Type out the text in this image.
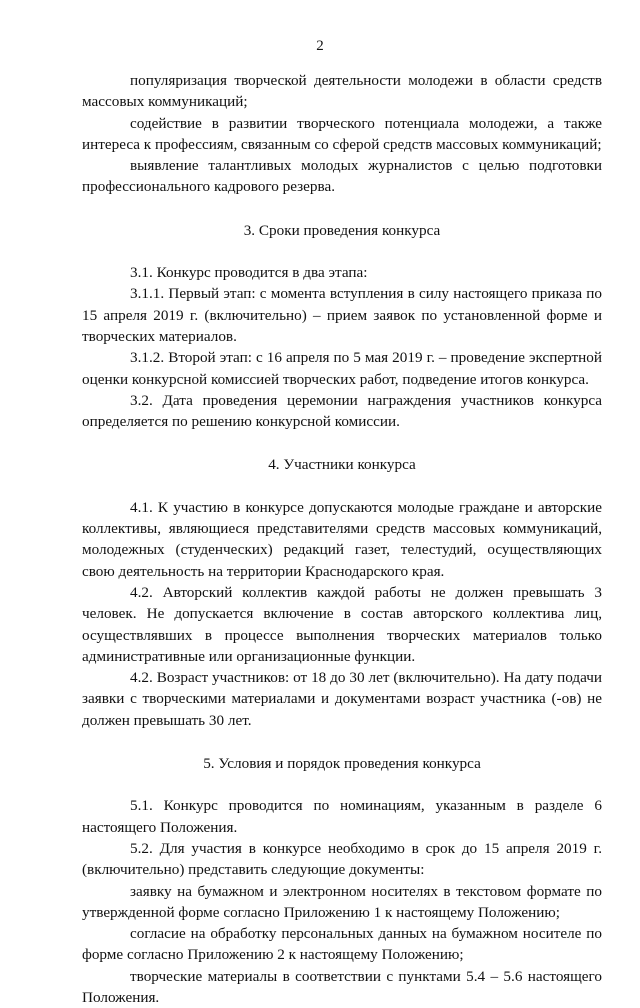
2

популяризация творческой деятельности молодежи в области средств массовых коммуникаций;

содействие в развитии творческого потенциала молодежи, а также интереса к профессиям, связанным со сферой средств массовых коммуникаций;

выявление талантливых молодых журналистов с целью подготовки профессионального кадрового резерва.

3. Сроки проведения конкурса

3.1. Конкурс проводится в два этапа:

3.1.1. Первый этап: с момента вступления в силу настоящего приказа по 15 апреля 2019 г. (включительно) – прием заявок по установленной форме и творческих материалов.

3.1.2. Второй этап: с 16 апреля по 5 мая 2019 г. – проведение экспертной оценки конкурсной комиссией творческих работ, подведение итогов конкурса.

3.2. Дата проведения церемонии награждения участников конкурса определяется по решению конкурсной комиссии.

4. Участники конкурса

4.1. К участию в конкурсе допускаются молодые граждане и авторские коллективы, являющиеся представителями средств массовых коммуникаций, молодежных (студенческих) редакций газет, телестудий, осуществляющих свою деятельность на территории Краснодарского края.

4.2. Авторский коллектив каждой работы не должен превышать 3 человек. Не допускается включение в состав авторского коллектива лиц, осуществлявших в процессе выполнения творческих материалов только административные или организационные функции.

4.2. Возраст участников: от 18 до 30 лет (включительно). На дату подачи заявки с творческими материалами и документами возраст участника (-ов) не должен превышать 30 лет.

5. Условия и порядок проведения конкурса

5.1. Конкурс проводится по номинациям, указанным в разделе 6 настоящего Положения.

5.2. Для участия в конкурсе необходимо в срок до 15 апреля 2019 г. (включительно) представить следующие документы:

заявку на бумажном и электронном носителях в текстовом формате по утвержденной форме согласно Приложению 1 к настоящему Положению;

согласие на обработку персональных данных на бумажном носителе по форме согласно Приложению 2 к настоящему Положению;

творческие материалы в соответствии с пунктами 5.4 – 5.6 настоящего Положения.
